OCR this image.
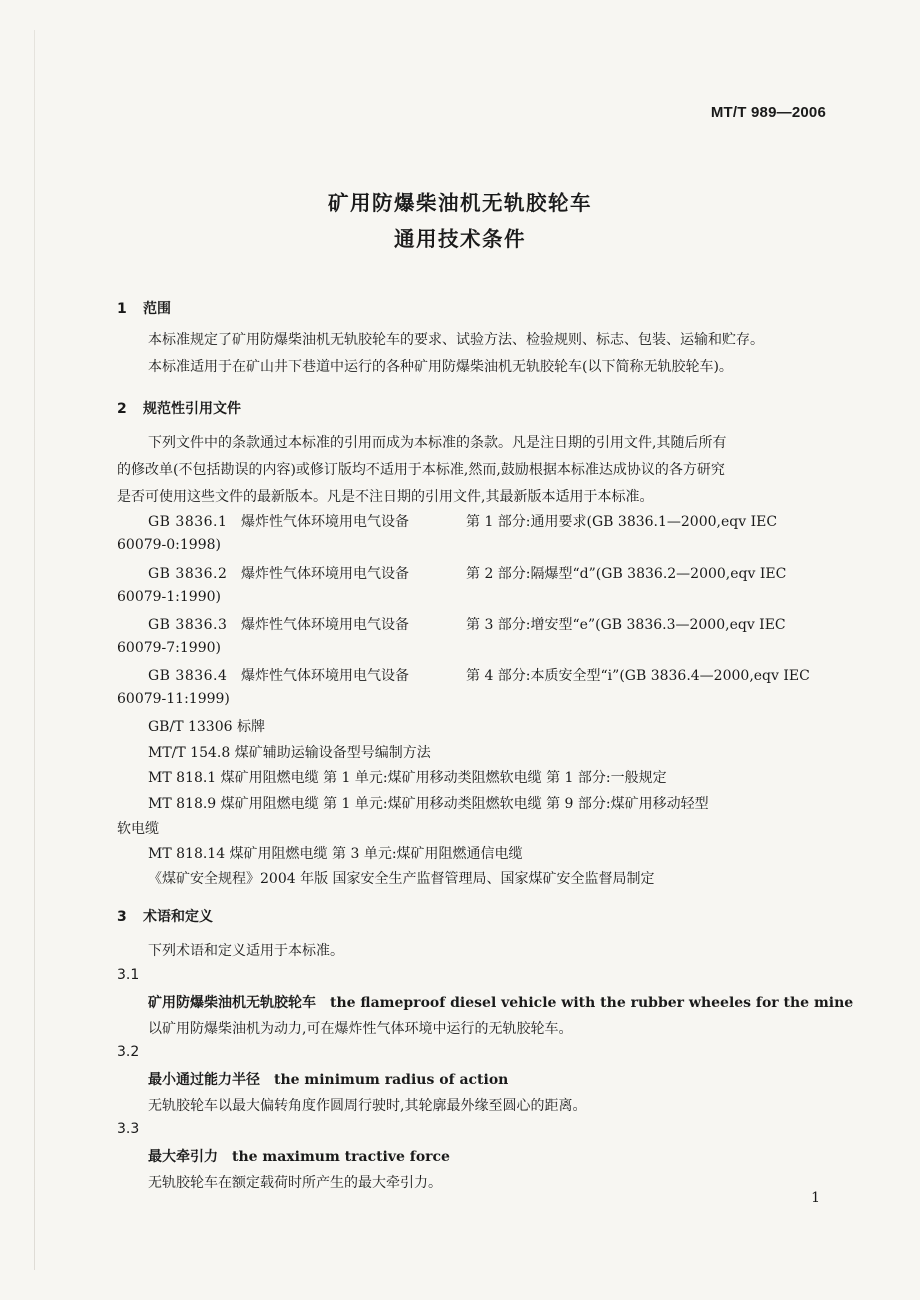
MT/T 989—2006
矿用防爆柴油机无轨胶轮车
通用技术条件
1 范围
本标准规定了矿用防爆柴油机无轨胶轮车的要求、试验方法、检验规则、标志、包装、运输和贮存。
本标准适用于在矿山井下巷道中运行的各种矿用防爆柴油机无轨胶轮车(以下简称无轨胶轮车)。
2 规范性引用文件
下列文件中的条款通过本标准的引用而成为本标准的条款。凡是注日期的引用文件,其随后所有
的修改单(不包括勘误的内容)或修订版均不适用于本标准,然而,鼓励根据本标准达成协议的各方研究
是否可使用这些文件的最新版本。凡是不注日期的引用文件,其最新版本适用于本标准。
GB 3836.1 爆炸性气体环境用电气设备	第 1 部分:通用要求(GB 3836.1—2000,eqv IEC
60079-0:1998)
GB 3836.2 爆炸性气体环境用电气设备	第 2 部分:隔爆型“d”(GB 3836.2—2000,eqv IEC
60079-1:1990)
GB 3836.3 爆炸性气体环境用电气设备	第 3 部分:增安型“e”(GB 3836.3—2000,eqv IEC
60079-7:1990)
GB 3836.4 爆炸性气体环境用电气设备	第 4 部分:本质安全型“i”(GB 3836.4—2000,eqv IEC
60079-11:1999)
GB/T 13306 标牌
MT/T 154.8 煤矿辅助运输设备型号编制方法
MT 818.1 煤矿用阻燃电缆 第 1 单元:煤矿用移动类阻燃软电缆 第 1 部分:一般规定
MT 818.9 煤矿用阻燃电缆 第 1 单元:煤矿用移动类阻燃软电缆 第 9 部分:煤矿用移动轻型
软电缆
MT 818.14 煤矿用阻燃电缆 第 3 单元:煤矿用阻燃通信电缆
《煤矿安全规程》2004 年版 国家安全生产监督管理局、国家煤矿安全监督局制定
3 术语和定义
下列术语和定义适用于本标准。
3.1
矿用防爆柴油机无轨胶轮车 the flameproof diesel vehicle with the rubber wheeles for the mine
以矿用防爆柴油机为动力,可在爆炸性气体环境中运行的无轨胶轮车。
3.2
最小通过能力半径 the minimum radius of action
无轨胶轮车以最大偏转角度作圆周行驶时,其轮廓最外缘至圆心的距离。
3.3
最大牵引力 the maximum tractive force
无轨胶轮车在额定载荷时所产生的最大牵引力。
1
